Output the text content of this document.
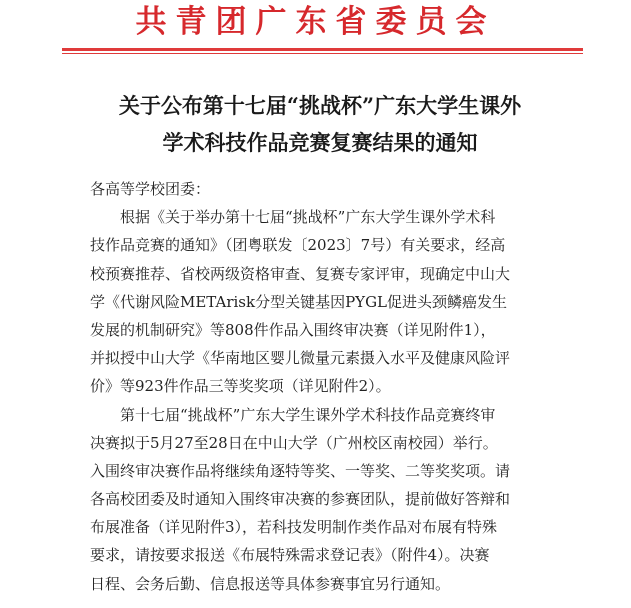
共青团广东省委员会
关于公布第十七届“挑战杯”广东大学生课外
学术科技作品竞赛复赛结果的通知
各高等学校团委：
根据《关于举办第十七届“挑战杯”广东大学生课外学术科
技作品竞赛的通知》（团粤联发〔2023〕7号）有关要求，经高
校预赛推荐、省校两级资格审查、复赛专家评审，现确定中山大
学《代谢风险METArisk分型关键基因PYGL促进头颈鳞癌发生
发展的机制研究》等808件作品入围终审决赛（详见附件1），
并拟授中山大学《华南地区婴儿微量元素摄入水平及健康风险评
价》等923件作品三等奖奖项（详见附件2）。
第十七届“挑战杯”广东大学生课外学术科技作品竞赛终审
决赛拟于5月27至28日在中山大学（广州校区南校园）举行。
入围终审决赛作品将继续角逐特等奖、一等奖、二等奖奖项。请
各高校团委及时通知入围终审决赛的参赛团队，提前做好答辩和
布展准备（详见附件3），若科技发明制作类作品对布展有特殊
要求，请按要求报送《布展特殊需求登记表》（附件4）。决赛
日程、会务后勤、信息报送等具体参赛事宜另行通知。
